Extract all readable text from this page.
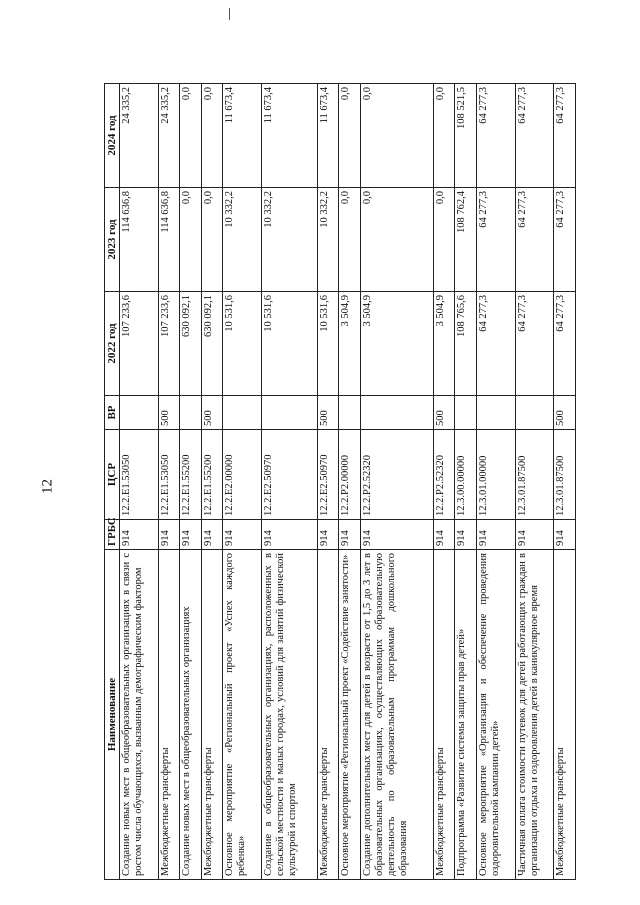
12
Наименование	ГРБС	ЦСР	ВР	2022 год	2023 год	2024 год
Создание новых мест в общеобразовательных организациях в связи с ростом числа обучающихся, вызванным демографическим фактором	914	12.2.E1.53050		107 233,6	114 636,8	24 335,2
Межбюджетные трансферты	914	12.2.E1.53050	500	107 233,6	114 636,8	24 335,2
Создание новых мест в общеобразовательных организациях	914	12.2.E1.55200		630 092,1	0,0	0,0
Межбюджетные трансферты	914	12.2.E1.55200	500	630 092,1	0,0	0,0
Основное мероприятие «Региональный проект «Успех каждого ребенка»	914	12.2.E2.00000		10 531,6	10 332,2	11 673,4
Создание в общеобразовательных организациях, расположенных в сельской местности и малых городах, условий для занятий физической культурой и спортом	914	12.2.E2.50970		10 531,6	10 332,2	11 673,4
Межбюджетные трансферты	914	12.2.E2.50970	500	10 531,6	10 332,2	11 673,4
Основное мероприятие «Региональный проект «Содействие занятости»	914	12.2.P2.00000		3 504,9	0,0	0,0
Создание дополнительных мест для детей в возрасте от 1,5 до 3 лет в образовательных организациях, осуществляющих образовательную деятельность по образовательным программам дошкольного образования	914	12.2.P2.52320		3 504,9	0,0	0,0
Межбюджетные трансферты	914	12.2.P2.52320	500	3 504,9	0,0	0,0
Подпрограмма «Развитие системы защиты прав детей»	914	12.3.00.00000		108 765,6	108 762,4	108 521,5
Основное мероприятие «Организация и обеспечение проведения оздоровительной кампании детей»	914	12.3.01.00000		64 277,3	64 277,3	64 277,3
Частичная оплата стоимости путевок для детей работающих граждан в организации отдыха и оздоровления детей в каникулярное время	914	12.3.01.87500		64 277,3	64 277,3	64 277,3
Межбюджетные трансферты	914	12.3.01.87500	500	64 277,3	64 277,3	64 277,3
